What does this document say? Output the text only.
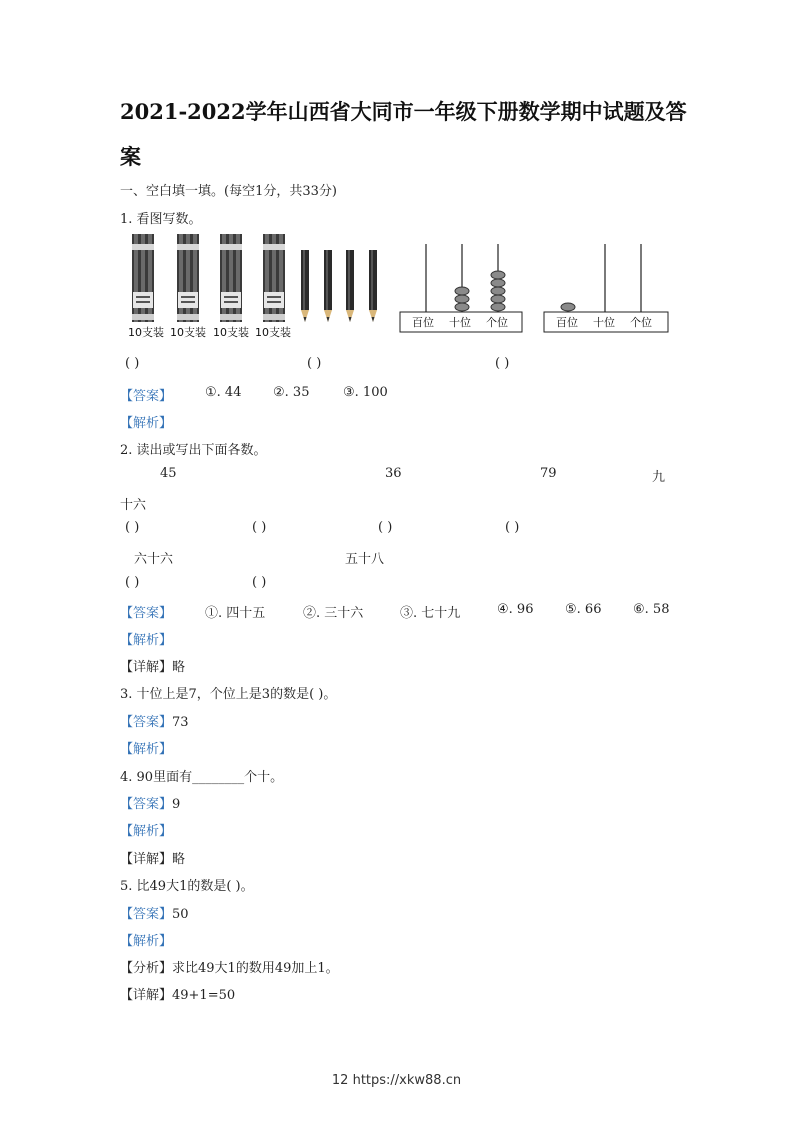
2021-2022学年山西省大同市一年级下册数学期中试题及答
案
一、空白填一填。(每空1分，共33分)
1. 看图写数。
10支装 10支装 10支装 10支装
百位 十位 个位	百位 十位 个位
( )	( )	( )
【答案】	①. 44 ②. 35	③. 100
【解析】
2. 读出或写出下面各数。
45	36	79	九
十六
( )	( )	( )	( )
六十六	五十八
( )	( )
【答案】	①. 四十五	②. 三十六	③. 七十九	④. 96 ⑤. 66 ⑥. 58
【解析】
【详解】略
3. 十位上是7，个位上是3的数是( )。
【答案】73
【解析】
4. 90里面有________个十。
【答案】9
【解析】
【详解】略
5. 比49大1的数是( )。
【答案】50
【解析】
【分析】求比49大1的数用49加上1。
【详解】49+1=50
12 https://xkw88.cn
